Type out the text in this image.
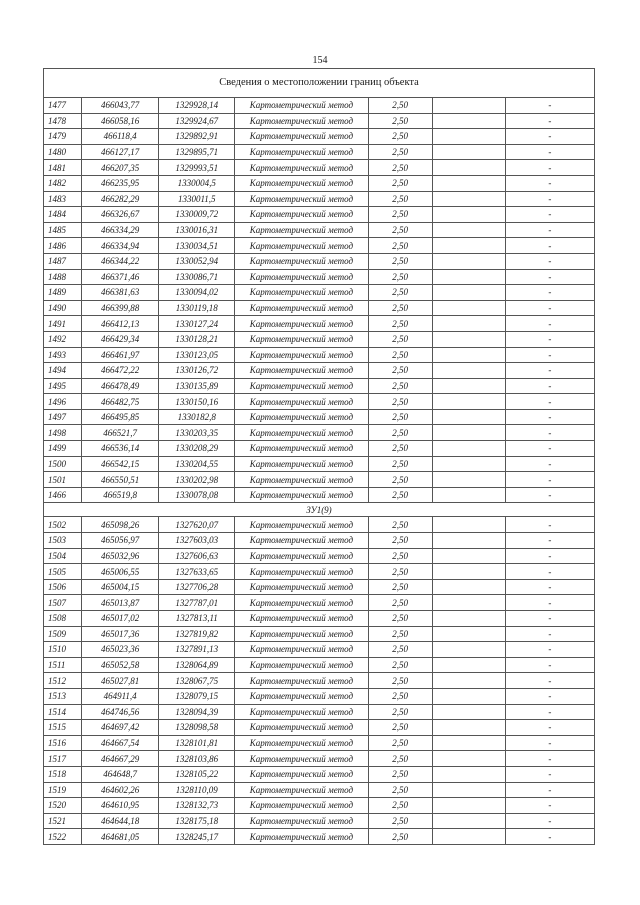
154
Сведения о местоположении границ объекта						
1477	466043,77	1329928,14	Картометрический метод	2,50		-
1478	466058,16	1329924,67	Картометрический метод	2,50		-
1479	466118,4	1329892,91	Картометрический метод	2,50		-
1480	466127,17	1329895,71	Картометрический метод	2,50		-
1481	466207,35	1329993,51	Картометрический метод	2,50		-
1482	466235,95	1330004,5	Картометрический метод	2,50		-
1483	466282,29	1330011,5	Картометрический метод	2,50		-
1484	466326,67	1330009,72	Картометрический метод	2,50		-
1485	466334,29	1330016,31	Картометрический метод	2,50		-
1486	466334,94	1330034,51	Картометрический метод	2,50		-
1487	466344,22	1330052,94	Картометрический метод	2,50		-
1488	466371,46	1330086,71	Картометрический метод	2,50		-
1489	466381,63	1330094,02	Картометрический метод	2,50		-
1490	466399,88	1330119,18	Картометрический метод	2,50		-
1491	466412,13	1330127,24	Картометрический метод	2,50		-
1492	466429,34	1330128,21	Картометрический метод	2,50		-
1493	466461,97	1330123,05	Картометрический метод	2,50		-
1494	466472,22	1330126,72	Картометрический метод	2,50		-
1495	466478,49	1330135,89	Картометрический метод	2,50		-
1496	466482,75	1330150,16	Картометрический метод	2,50		-
1497	466495,85	1330182,8	Картометрический метод	2,50		-
1498	466521,7	1330203,35	Картометрический метод	2,50		-
1499	466536,14	1330208,29	Картометрический метод	2,50		-
1500	466542,15	1330204,55	Картометрический метод	2,50		-
1501	466550,51	1330202,98	Картометрический метод	2,50		-
1466	466519,8	1330078,08	Картометрический метод	2,50		-
ЗУ1(9)						
1502	465098,26	1327620,07	Картометрический метод	2,50		-
1503	465056,97	1327603,03	Картометрический метод	2,50		-
1504	465032,96	1327606,63	Картометрический метод	2,50		-
1505	465006,55	1327633,65	Картометрический метод	2,50		-
1506	465004,15	1327706,28	Картометрический метод	2,50		-
1507	465013,87	1327787,01	Картометрический метод	2,50		-
1508	465017,02	1327813,11	Картометрический метод	2,50		-
1509	465017,36	1327819,82	Картометрический метод	2,50		-
1510	465023,36	1327891,13	Картометрический метод	2,50		-
1511	465052,58	1328064,89	Картометрический метод	2,50		-
1512	465027,81	1328067,75	Картометрический метод	2,50		-
1513	464911,4	1328079,15	Картометрический метод	2,50		-
1514	464746,56	1328094,39	Картометрический метод	2,50		-
1515	464697,42	1328098,58	Картометрический метод	2,50		-
1516	464667,54	1328101,81	Картометрический метод	2,50		-
1517	464667,29	1328103,86	Картометрический метод	2,50		-
1518	464648,7	1328105,22	Картометрический метод	2,50		-
1519	464602,26	1328110,09	Картометрический метод	2,50		-
1520	464610,95	1328132,73	Картометрический метод	2,50		-
1521	464644,18	1328175,18	Картометрический метод	2,50		-
1522	464681,05	1328245,17	Картометрический метод	2,50		-
